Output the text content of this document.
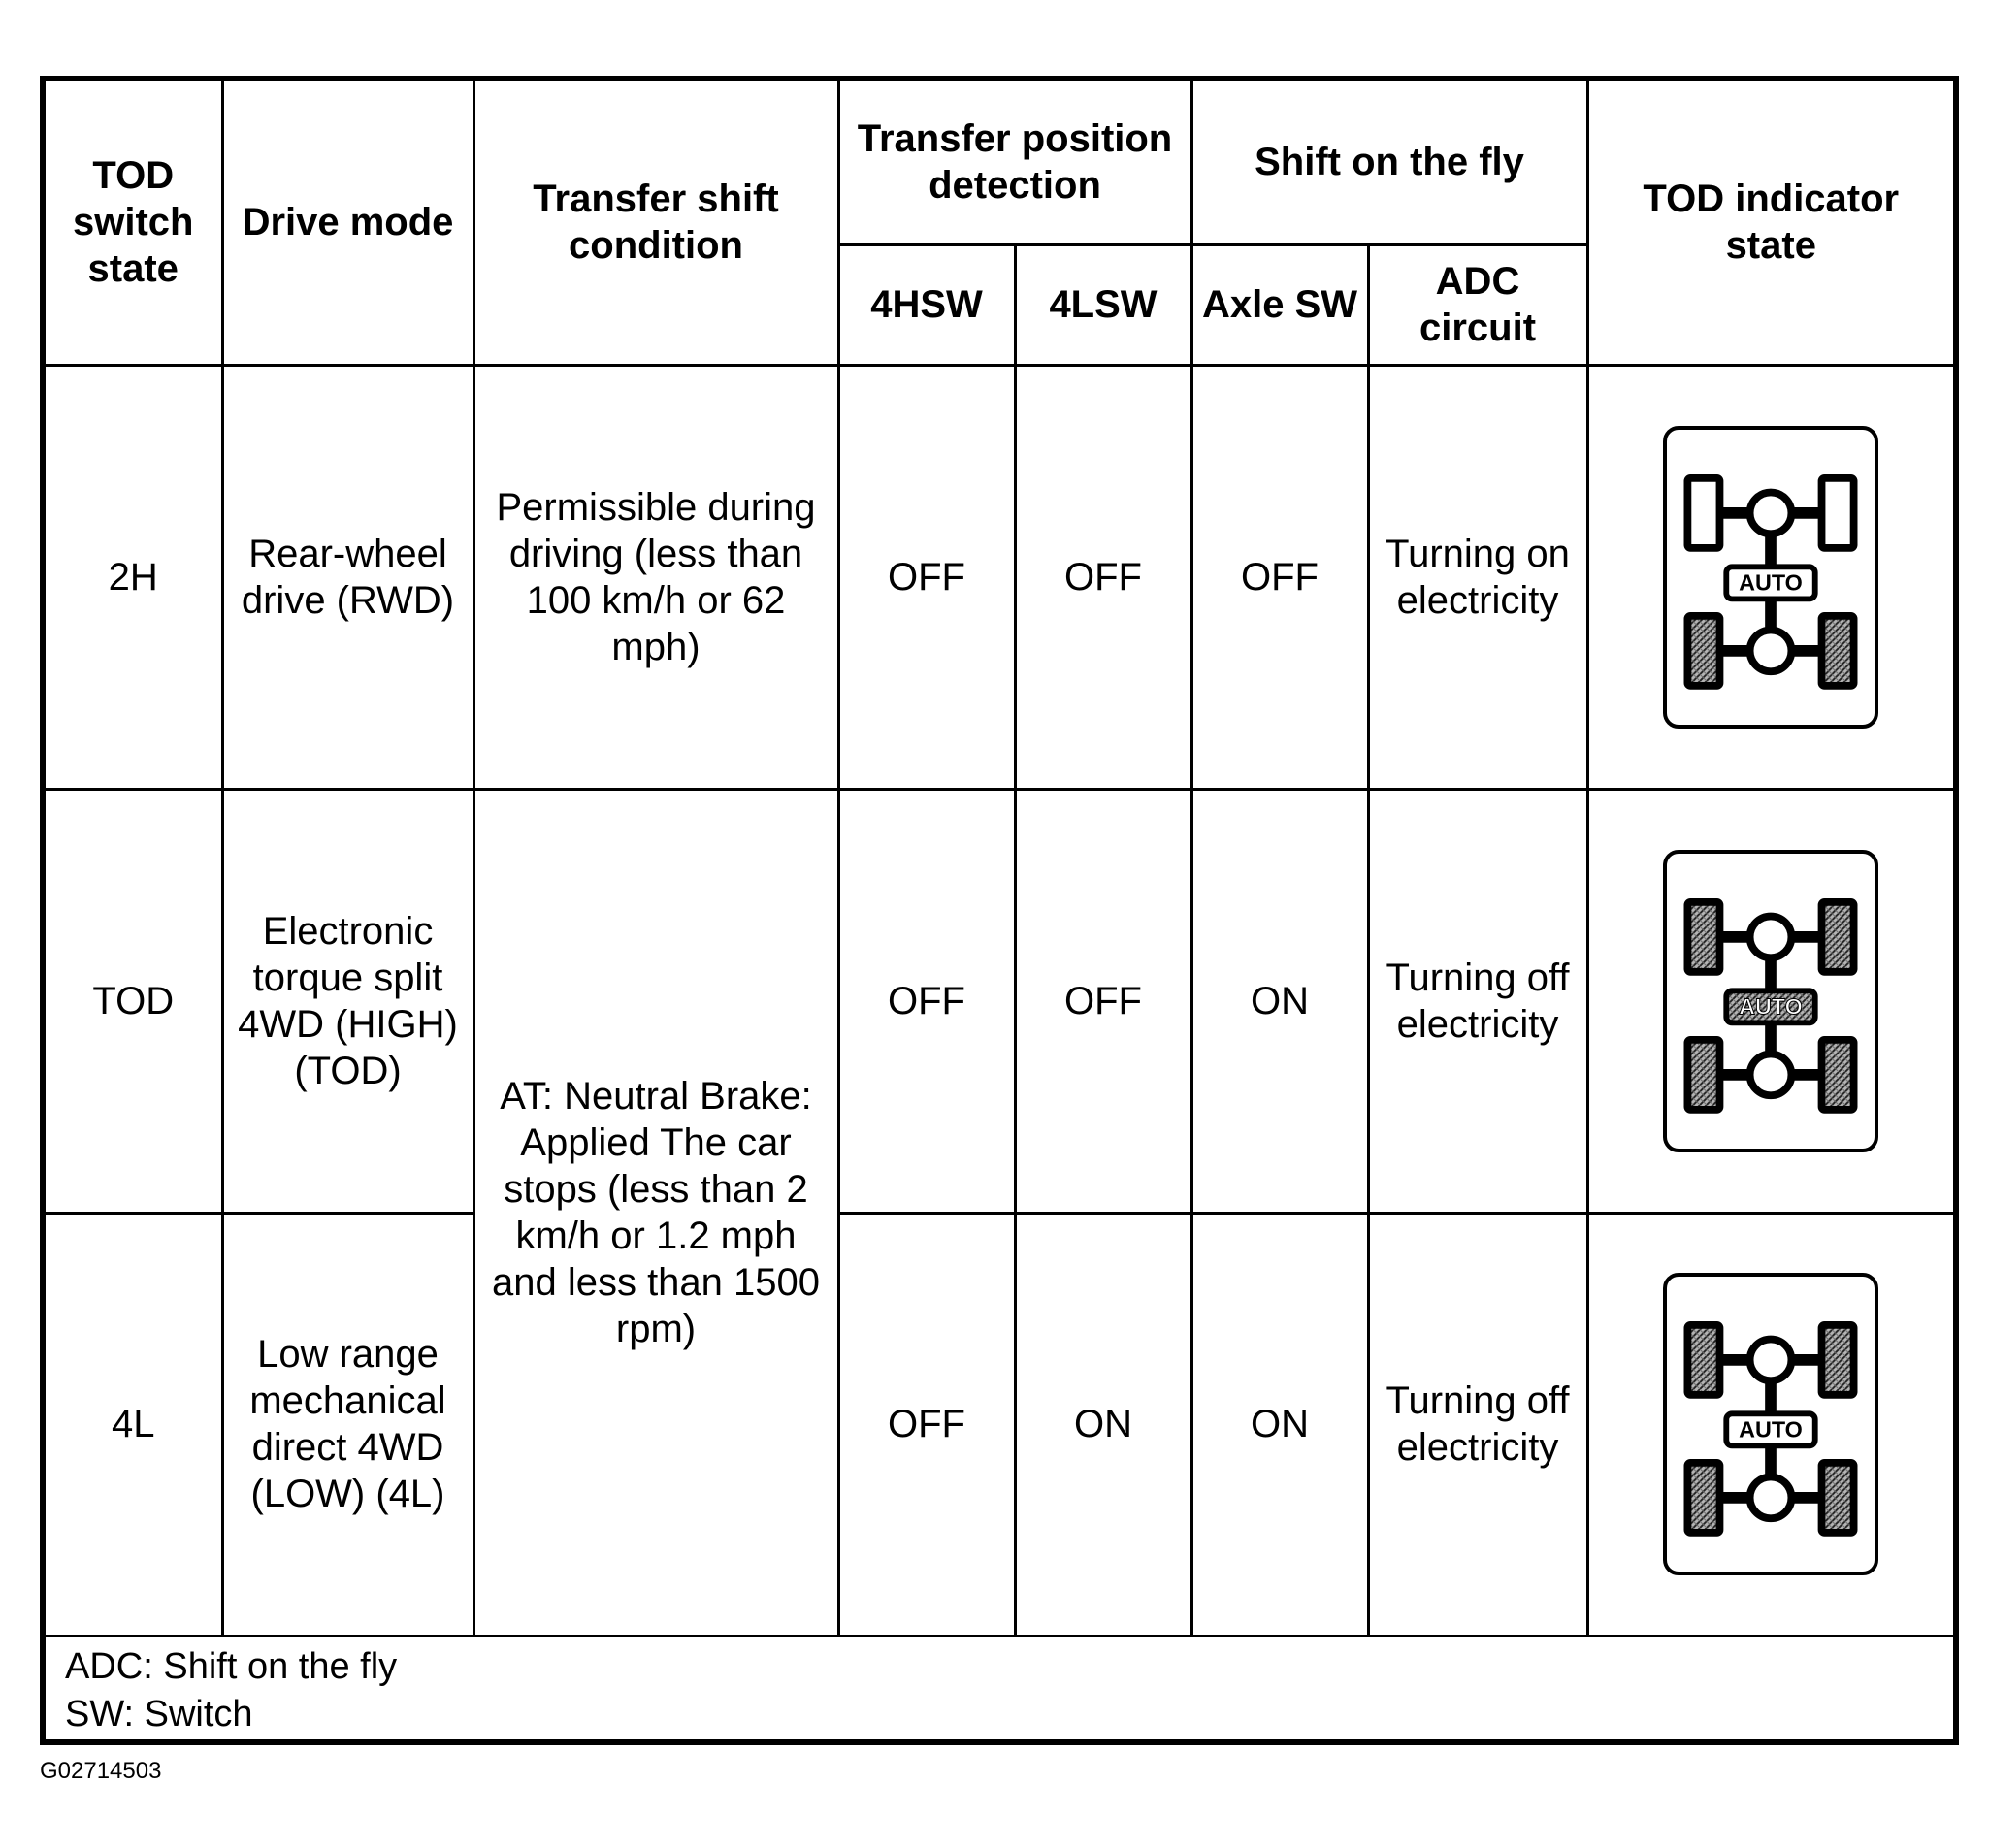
TOD switch state	Drive mode	Transfer shift condition	Transfer position detection		Shift on the fly		TOD indicator state
			4HSW	4LSW	Axle SW	ADC circuit	
2H	Rear-wheel drive (RWD)	Permissible during driving (less than 100 km/h or 62 mph)	OFF	OFF	OFF	Turning on electricity	AUTO

TOD	Electronic torque split 4WD (HIGH) (TOD)	AT: Neutral Brake: Applied The car stops (less than 2 km/h or 1.2 mph and less than 1500 rpm)	OFF	OFF	ON	Turning off electricity	AUTO

4L	Low range mechanical direct 4WD (LOW) (4L)		OFF	ON	ON	Turning off electricity	AUTO
ADC: Shift on the fly
SW: Switch
G02714503
